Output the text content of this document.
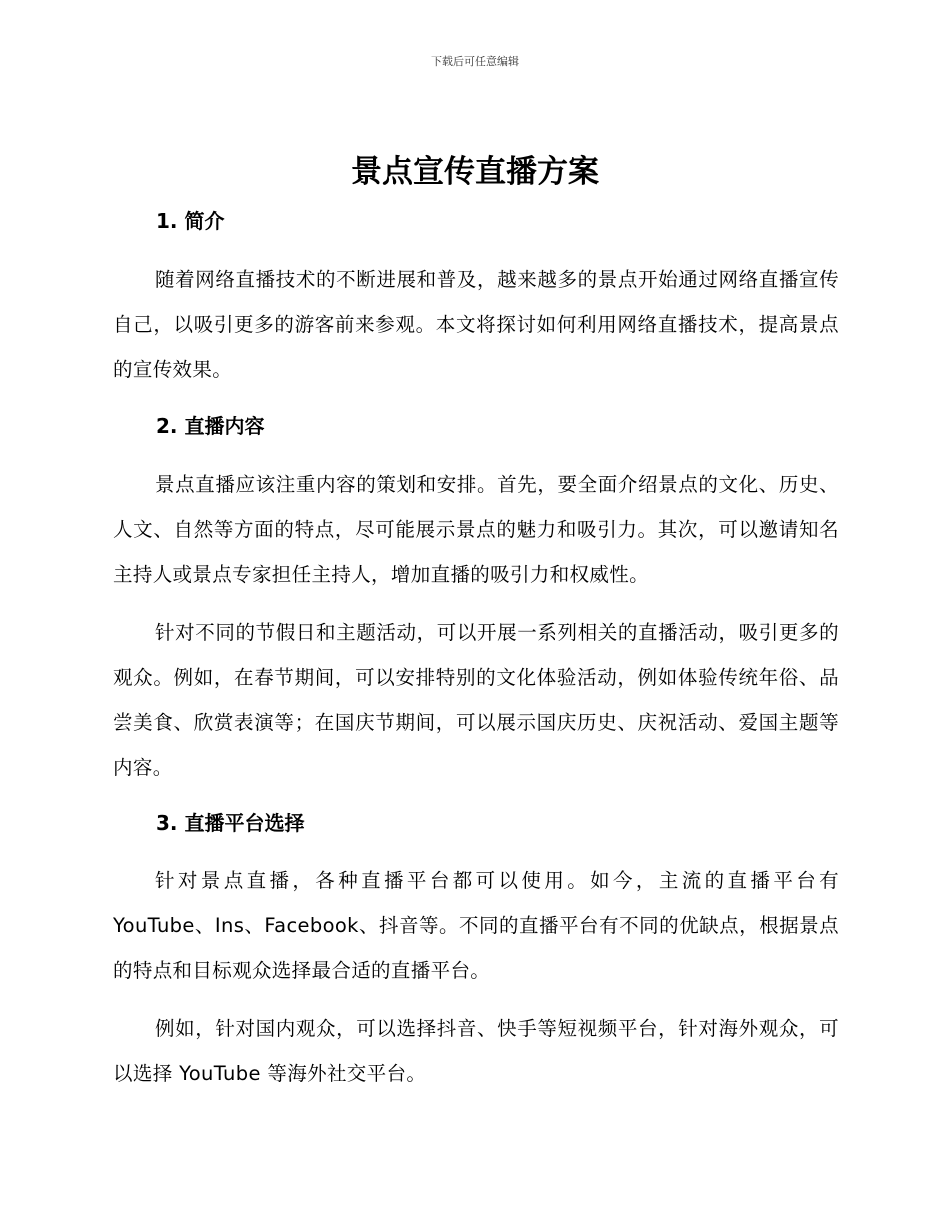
下载后可任意编辑
景点宣传直播方案
1. 简介

随着网络直播技术的不断进展和普及，越来越多的景点开始通过网络直播宣传自己，以吸引更多的游客前来参观。本文将探讨如何利用网络直播技术，提高景点的宣传效果。

2. 直播内容

景点直播应该注重内容的策划和安排。首先，要全面介绍景点的文化、历史、人文、自然等方面的特点，尽可能展示景点的魅力和吸引力。其次，可以邀请知名主持人或景点专家担任主持人，增加直播的吸引力和权威性。

针对不同的节假日和主题活动，可以开展一系列相关的直播活动，吸引更多的观众。例如，在春节期间，可以安排特别的文化体验活动，例如体验传统年俗、品尝美食、欣赏表演等；在国庆节期间，可以展示国庆历史、庆祝活动、爱国主题等内容。

3. 直播平台选择

针对景点直播，各种直播平台都可以使用。如今，主流的直播平台有YouTube、Ins、Facebook、抖音等。不同的直播平台有不同的优缺点，根据景点的特点和目标观众选择最合适的直播平台。

例如，针对国内观众，可以选择抖音、快手等短视频平台，针对海外观众，可以选择 YouTube 等海外社交平台。
